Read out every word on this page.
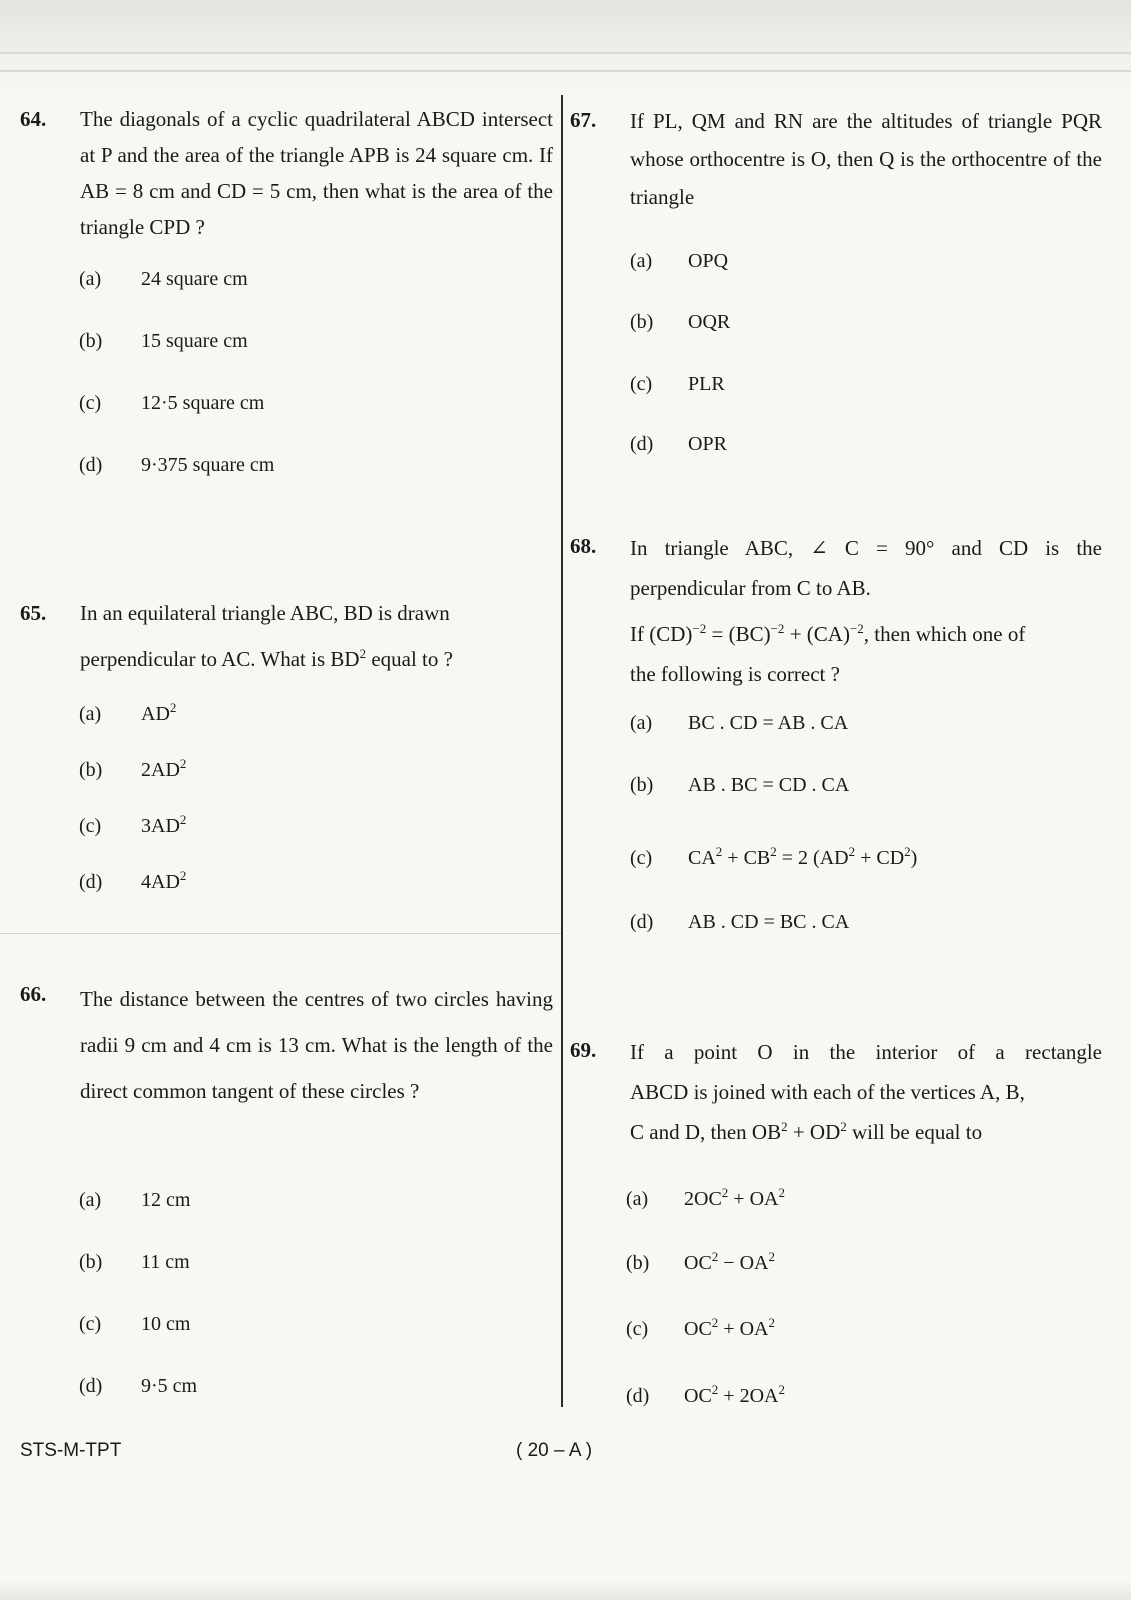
64. The diagonals of a cyclic quadrilateral ABCD intersect at P and the area of the triangle APB is 24 square cm. If AB = 8 cm and CD = 5 cm, then what is the area of the triangle CPD ?
(a) 24 square cm
(b) 15 square cm
(c) 12·5 square cm
(d) 9·375 square cm
65. In an equilateral triangle ABC, BD is drawn
perpendicular to AC. What is $BD^2$ equal to ?
(a) $AD^2$
(b) $2AD^2$
(c) $3AD^2$
(d) $4AD^2$
66. The distance between the centres of two circles having radii 9 cm and 4 cm is 13 cm. What is the length of the direct common tangent of these circles ?
(a) 12 cm
(b) 11 cm
(c) 10 cm
(d) 9·5 cm
67. If PL, QM and RN are the altitudes of triangle PQR whose orthocentre is O, then Q is the orthocentre of the triangle
(a) OPQ
(b) OQR
(c) PLR
(d) OPR
68. In triangle ABC, ∠ C = 90° and CD is the
perpendicular from C to AB.
If (CD)$^{-2}$ = (BC)$^{-2}$ + (CA)$^{-2}$, then which one of
the following is correct ?
(a) BC . CD = AB . CA
(b) AB . BC = CD . CA
(c) $CA^2 + CB^2 = 2$ $(AD^2 + CD^2)$
(d) AB . CD = BC . CA
69. If a point O in the interior of a rectangle
ABCD is joined with each of the vertices A, B,
C and D, then $OB^2 + OD^2$ will be equal to
(a) $2OC^2 + OA^2$
(b) $OC^2 - OA^2$
(c) $OC^2 + OA^2$
(d) $OC^2 + 2OA^2$
STS-M-TPT	( 20 – A )
